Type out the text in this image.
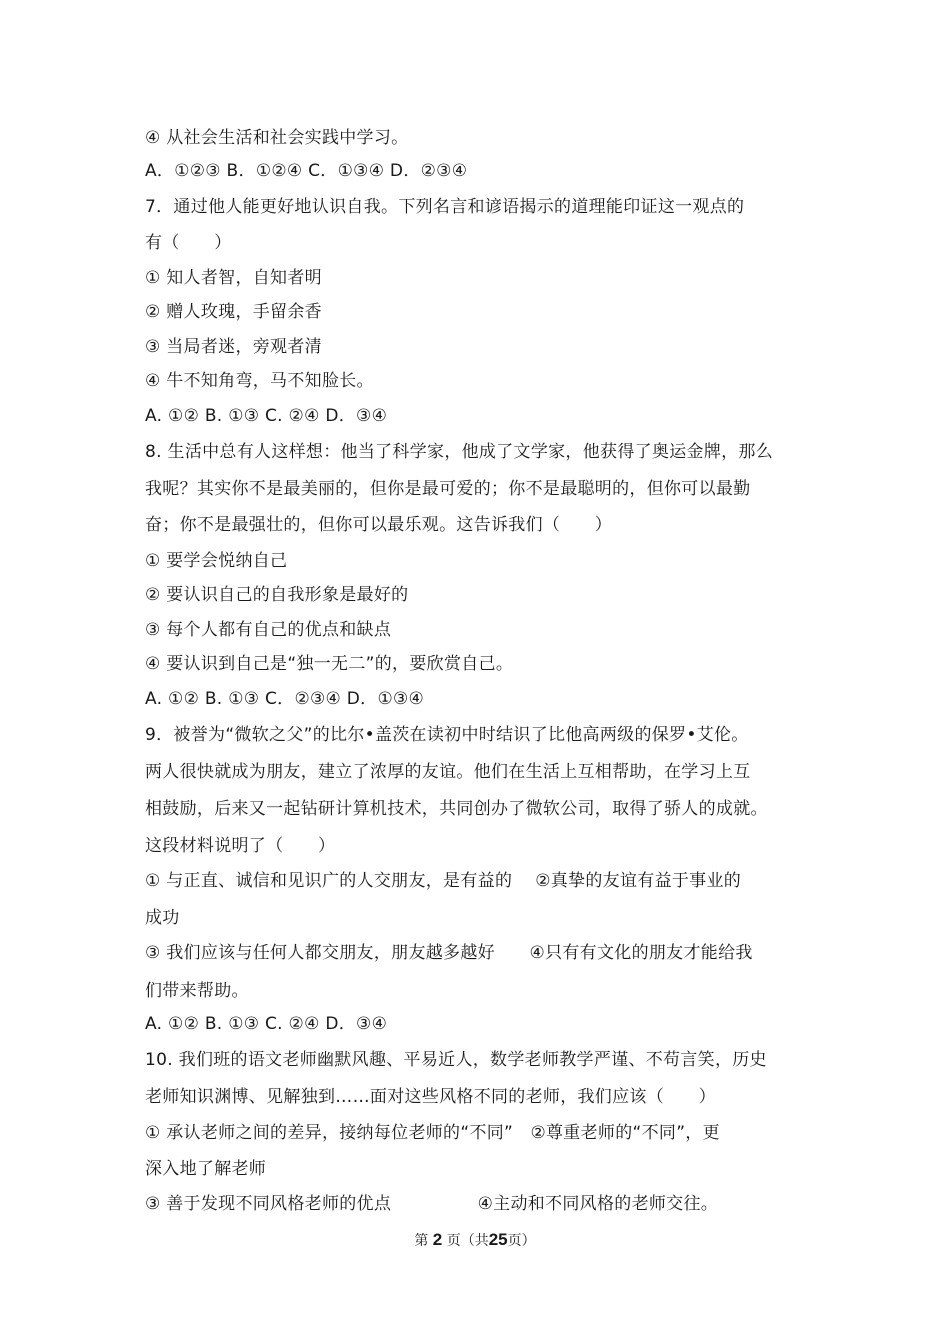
④ 从社会生活和社会实践中学习。
A．①②③ B．①②④ C．①③④ D．②③④
7．通过他人能更好地认识自我。下列名言和谚语揭示的道理能印证这一观点的
有（　　）
① 知人者智，自知者明
② 赠人玫瑰，手留余香
③ 当局者迷，旁观者清
④ 牛不知角弯，马不知脸长。
A. ①② B. ①③ C. ②④ D．③④
8. 生活中总有人这样想：他当了科学家，他成了文学家，他获得了奥运金牌，那么
我呢？其实你不是最美丽的，但你是最可爱的；你不是最聪明的，但你可以最勤
奋；你不是最强壮的，但你可以最乐观。这告诉我们（　　）
① 要学会悦纳自己
② 要认识自己的自我形象是最好的
③ 每个人都有自己的优点和缺点
④ 要认识到自己是“独一无二”的，要欣赏自己。
A. ①② B. ①③ C．②③④ D．①③④
9．被誉为“微软之父”的比尔•盖茨在读初中时结识了比他高两级的保罗•艾伦。
两人很快就成为朋友，建立了浓厚的友谊。他们在生活上互相帮助，在学习上互
相鼓励，后来又一起钻研计算机技术，共同创办了微软公司，取得了骄人的成就。
这段材料说明了（　　）
① 与正直、诚信和见识广的人交朋友，是有益的　 ②真挚的友谊有益于事业的
成功
③ 我们应该与任何人都交朋友，朋友越多越好　　④只有有文化的朋友才能给我
们带来帮助。
A. ①② B. ①③ C. ②④ D．③④
10. 我们班的语文老师幽默风趣、平易近人，数学老师教学严谨、不苟言笑，历史
老师知识渊博、见解独到……面对这些风格不同的老师，我们应该（　　）
① 承认老师之间的差异，接纳每位老师的“不同”　②尊重老师的“不同”，更
深入地了解老师
③ 善于发现不同风格老师的优点　　　　　④主动和不同风格的老师交往。
第 2 页（共25页）
